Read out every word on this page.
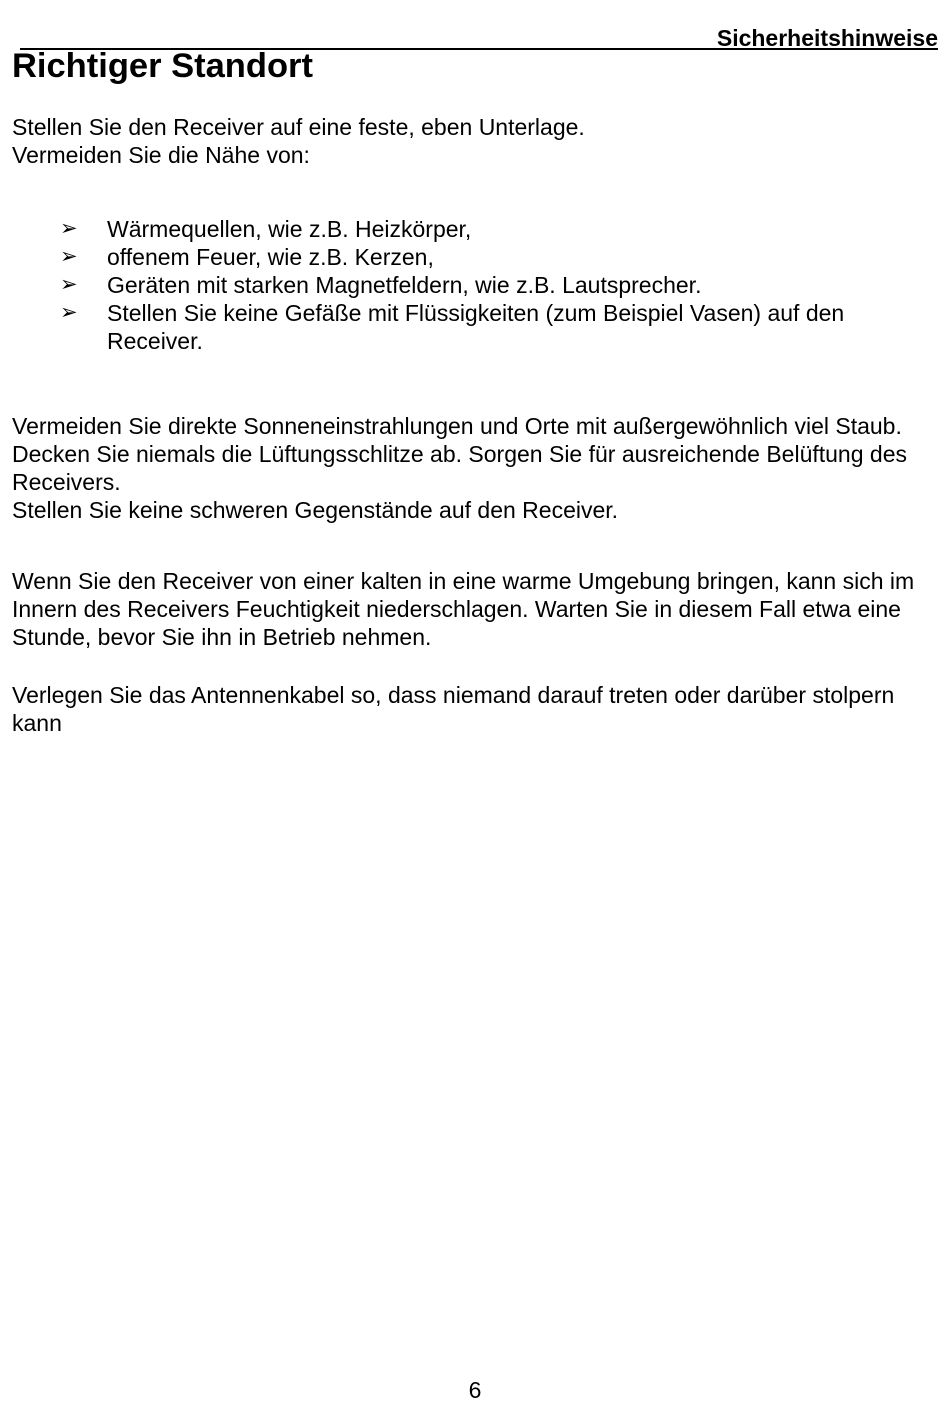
Sicherheitshinweise
Richtiger Standort
Stellen Sie den Receiver auf eine feste, eben Unterlage.
Vermeiden Sie die Nähe von:
➢ Wärmequellen, wie z.B. Heizkörper,
➢ offenem Feuer, wie z.B. Kerzen,
➢ Geräten mit starken Magnetfeldern, wie z.B. Lautsprecher.
➢ Stellen Sie keine Gefäße mit Flüssigkeiten (zum Beispiel Vasen) auf den Receiver.
Vermeiden Sie direkte Sonneneinstrahlungen und Orte mit außergewöhnlich viel Staub.
Decken Sie niemals die Lüftungsschlitze ab. Sorgen Sie für ausreichende Belüftung des Receivers.
Stellen Sie keine schweren Gegenstände auf den Receiver.
Wenn Sie den Receiver von einer kalten in eine warme Umgebung bringen, kann sich im Innern des Receivers Feuchtigkeit niederschlagen. Warten Sie in diesem Fall etwa eine Stunde, bevor Sie ihn in Betrieb nehmen.
Verlegen Sie das Antennenkabel so, dass niemand darauf treten oder darüber stolpern kann
6
